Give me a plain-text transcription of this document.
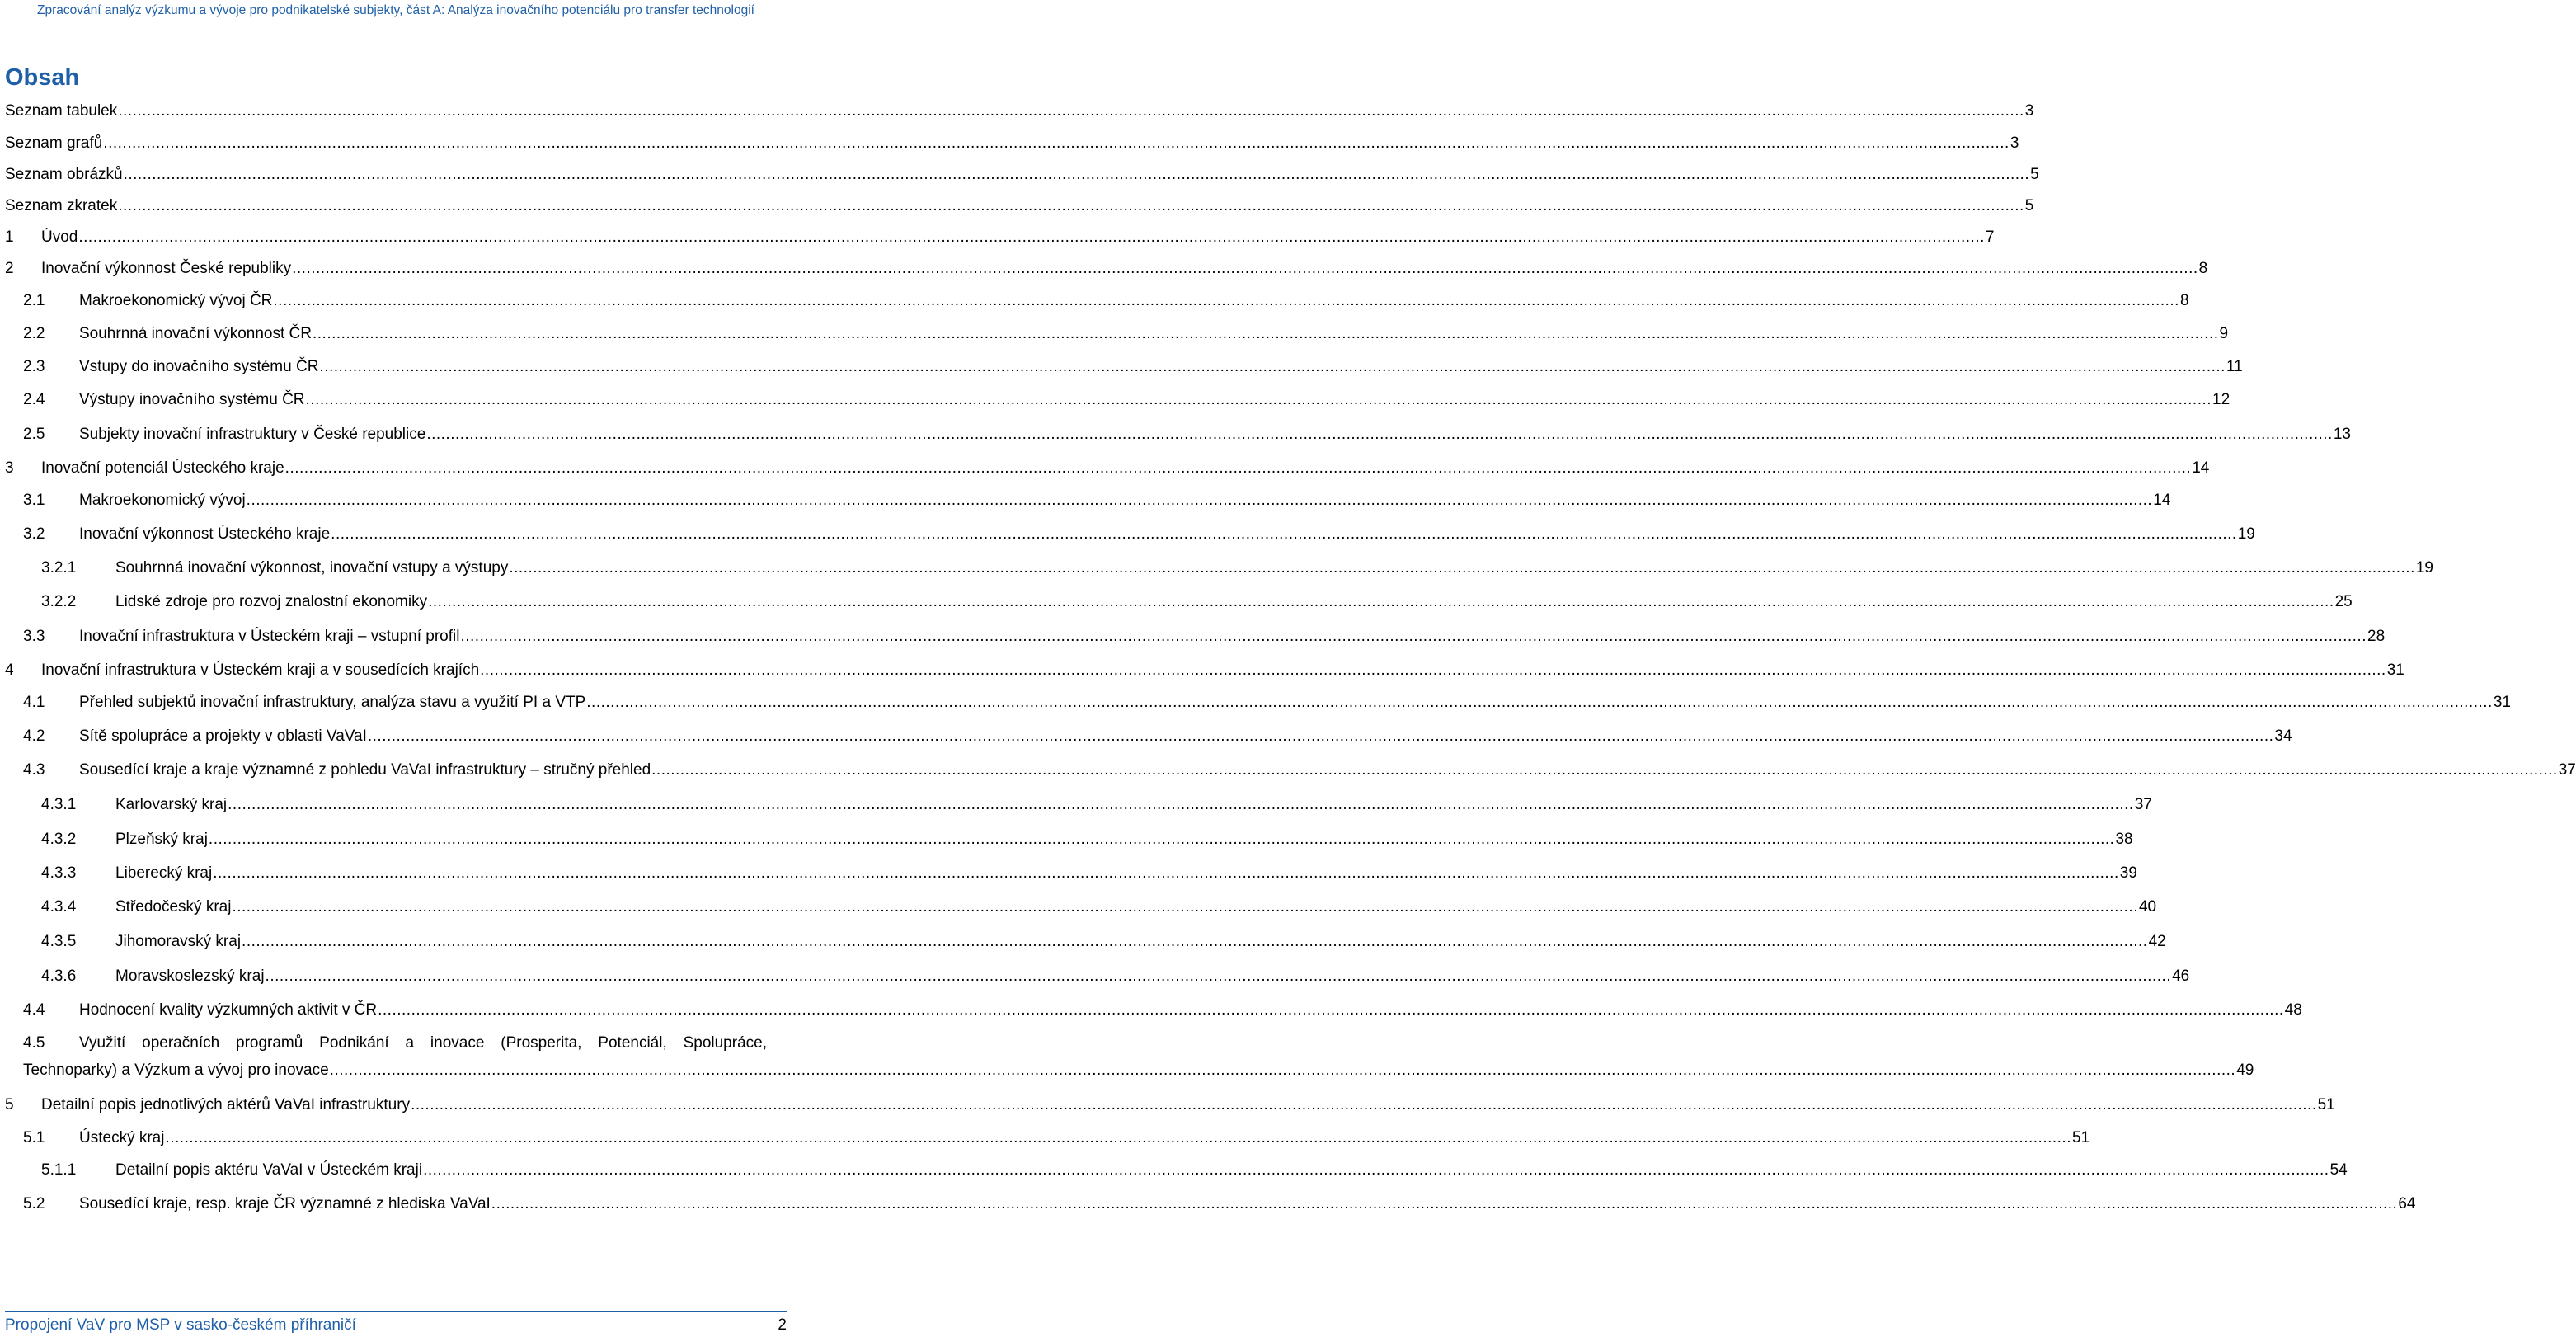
Zpracování analýz výzkumu a vývoje pro podnikatelské subjekty, část A: Analýza inovačního potenciálu pro transfer technologií
Obsah
Seznam tabulek ................................................................................................................................................................................................................................................................................................................................................................................................................ 3
Seznam grafů ................................................................................................................................................................................................................................................................................................................................................................................................................ 3
Seznam obrázků ................................................................................................................................................................................................................................................................................................................................................................................................................ 5
Seznam zkratek ................................................................................................................................................................................................................................................................................................................................................................................................................ 5
1 Úvod ................................................................................................................................................................................................................................................................................................................................................................................................................ 7
2 Inovační výkonnost České republiky ................................................................................................................................................................................................................................................................................................................................................................................................................ 8
2.1 Makroekonomický vývoj ČR ................................................................................................................................................................................................................................................................................................................................................................................................................ 8
2.2 Souhrnná inovační výkonnost ČR ................................................................................................................................................................................................................................................................................................................................................................................................................ 9
2.3 Vstupy do inovačního systému ČR ................................................................................................................................................................................................................................................................................................................................................................................................................ 11
2.4 Výstupy inovačního systému ČR ................................................................................................................................................................................................................................................................................................................................................................................................................ 12
2.5 Subjekty inovační infrastruktury v České republice ................................................................................................................................................................................................................................................................................................................................................................................................................ 13
3 Inovační potenciál Ústeckého kraje ................................................................................................................................................................................................................................................................................................................................................................................................................ 14
3.1 Makroekonomický vývoj ................................................................................................................................................................................................................................................................................................................................................................................................................ 14
3.2 Inovační výkonnost Ústeckého kraje ................................................................................................................................................................................................................................................................................................................................................................................................................ 19
3.2.1	Souhrnná inovační výkonnost, inovační vstupy a výstupy ................................................................................................................................................................................................................................................................................................................................................................................................................ 19
3.2.2	Lidské zdroje pro rozvoj znalostní ekonomiky ................................................................................................................................................................................................................................................................................................................................................................................................................ 25
3.3 Inovační infrastruktura v Ústeckém kraji – vstupní profil ................................................................................................................................................................................................................................................................................................................................................................................................................ 28
4 Inovační infrastruktura v Ústeckém kraji a v sousedících krajích ................................................................................................................................................................................................................................................................................................................................................................................................................ 31
4.1 Přehled subjektů inovační infrastruktury, analýza stavu a využití PI a VTP ................................................................................................................................................................................................................................................................................................................................................................................................................ 31
4.2 Sítě spolupráce a projekty v oblasti VaVaI ................................................................................................................................................................................................................................................................................................................................................................................................................ 34
4.3 Sousedící kraje a kraje významné z pohledu VaVaI infrastruktury – stručný přehled ................................................................................................................................................................................................................................................................................................................................................................................................................ 37
4.3.1	Karlovarský kraj ................................................................................................................................................................................................................................................................................................................................................................................................................ 37
4.3.2	Plzeňský kraj ................................................................................................................................................................................................................................................................................................................................................................................................................ 38
4.3.3	Liberecký kraj ................................................................................................................................................................................................................................................................................................................................................................................................................ 39
4.3.4	Středočeský kraj ................................................................................................................................................................................................................................................................................................................................................................................................................ 40
4.3.5	Jihomoravský kraj ................................................................................................................................................................................................................................................................................................................................................................................................................ 42
4.3.6	Moravskoslezský kraj ................................................................................................................................................................................................................................................................................................................................................................................................................ 46
4.4 Hodnocení kvality výzkumných aktivit v ČR ................................................................................................................................................................................................................................................................................................................................................................................................................ 48
4.5 Využití operačních programů Podnikání a inovace (Prosperita, Potenciál, Spolupráce,
Technoparky) a Výzkum a vývoj pro inovace ................................................................................................................................................................................................................................................................................................................................................................................................................ 49
5 Detailní popis jednotlivých aktérů VaVaI infrastruktury ................................................................................................................................................................................................................................................................................................................................................................................................................ 51
5.1 Ústecký kraj ................................................................................................................................................................................................................................................................................................................................................................................................................ 51
5.1.1	Detailní popis aktéru VaVaI v Ústeckém kraji ................................................................................................................................................................................................................................................................................................................................................................................................................ 54
5.2 Sousedící kraje, resp. kraje ČR významné z hlediska VaVaI ................................................................................................................................................................................................................................................................................................................................................................................................................ 64
Propojení VaV pro MSP v sasko-českém příhraničí	2
